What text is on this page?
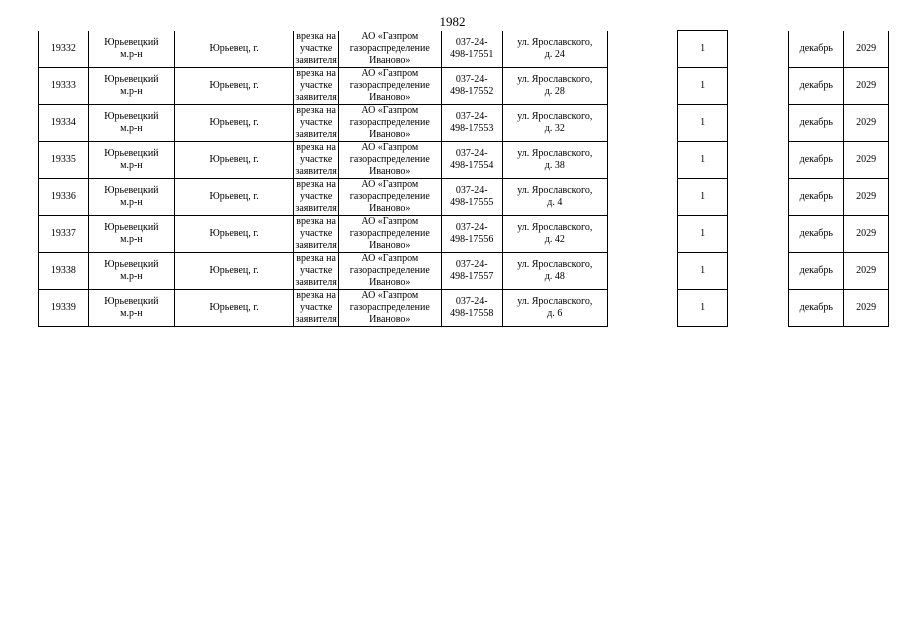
1982
19332	Юрьевецкий
м.р-н	Юрьевец, г.	врезка на
участке
заявителя	АО «Газпром
газораспределение
Иваново»	037-24-
498-17551	ул. Ярославского,
д. 24		1		декабрь	2029
19333	Юрьевецкий
м.р-н	Юрьевец, г.	врезка на
участке
заявителя	АО «Газпром
газораспределение
Иваново»	037-24-
498-17552	ул. Ярославского,
д. 28		1		декабрь	2029
19334	Юрьевецкий
м.р-н	Юрьевец, г.	врезка на
участке
заявителя	АО «Газпром
газораспределение
Иваново»	037-24-
498-17553	ул. Ярославского,
д. 32		1		декабрь	2029
19335	Юрьевецкий
м.р-н	Юрьевец, г.	врезка на
участке
заявителя	АО «Газпром
газораспределение
Иваново»	037-24-
498-17554	ул. Ярославского,
д. 38		1		декабрь	2029
19336	Юрьевецкий
м.р-н	Юрьевец, г.	врезка на
участке
заявителя	АО «Газпром
газораспределение
Иваново»	037-24-
498-17555	ул. Ярославского,
д. 4		1		декабрь	2029
19337	Юрьевецкий
м.р-н	Юрьевец, г.	врезка на
участке
заявителя	АО «Газпром
газораспределение
Иваново»	037-24-
498-17556	ул. Ярославского,
д. 42		1		декабрь	2029
19338	Юрьевецкий
м.р-н	Юрьевец, г.	врезка на
участке
заявителя	АО «Газпром
газораспределение
Иваново»	037-24-
498-17557	ул. Ярославского,
д. 48		1		декабрь	2029
19339	Юрьевецкий
м.р-н	Юрьевец, г.	врезка на
участке
заявителя	АО «Газпром
газораспределение
Иваново»	037-24-
498-17558	ул. Ярославского,
д. 6		1		декабрь	2029
